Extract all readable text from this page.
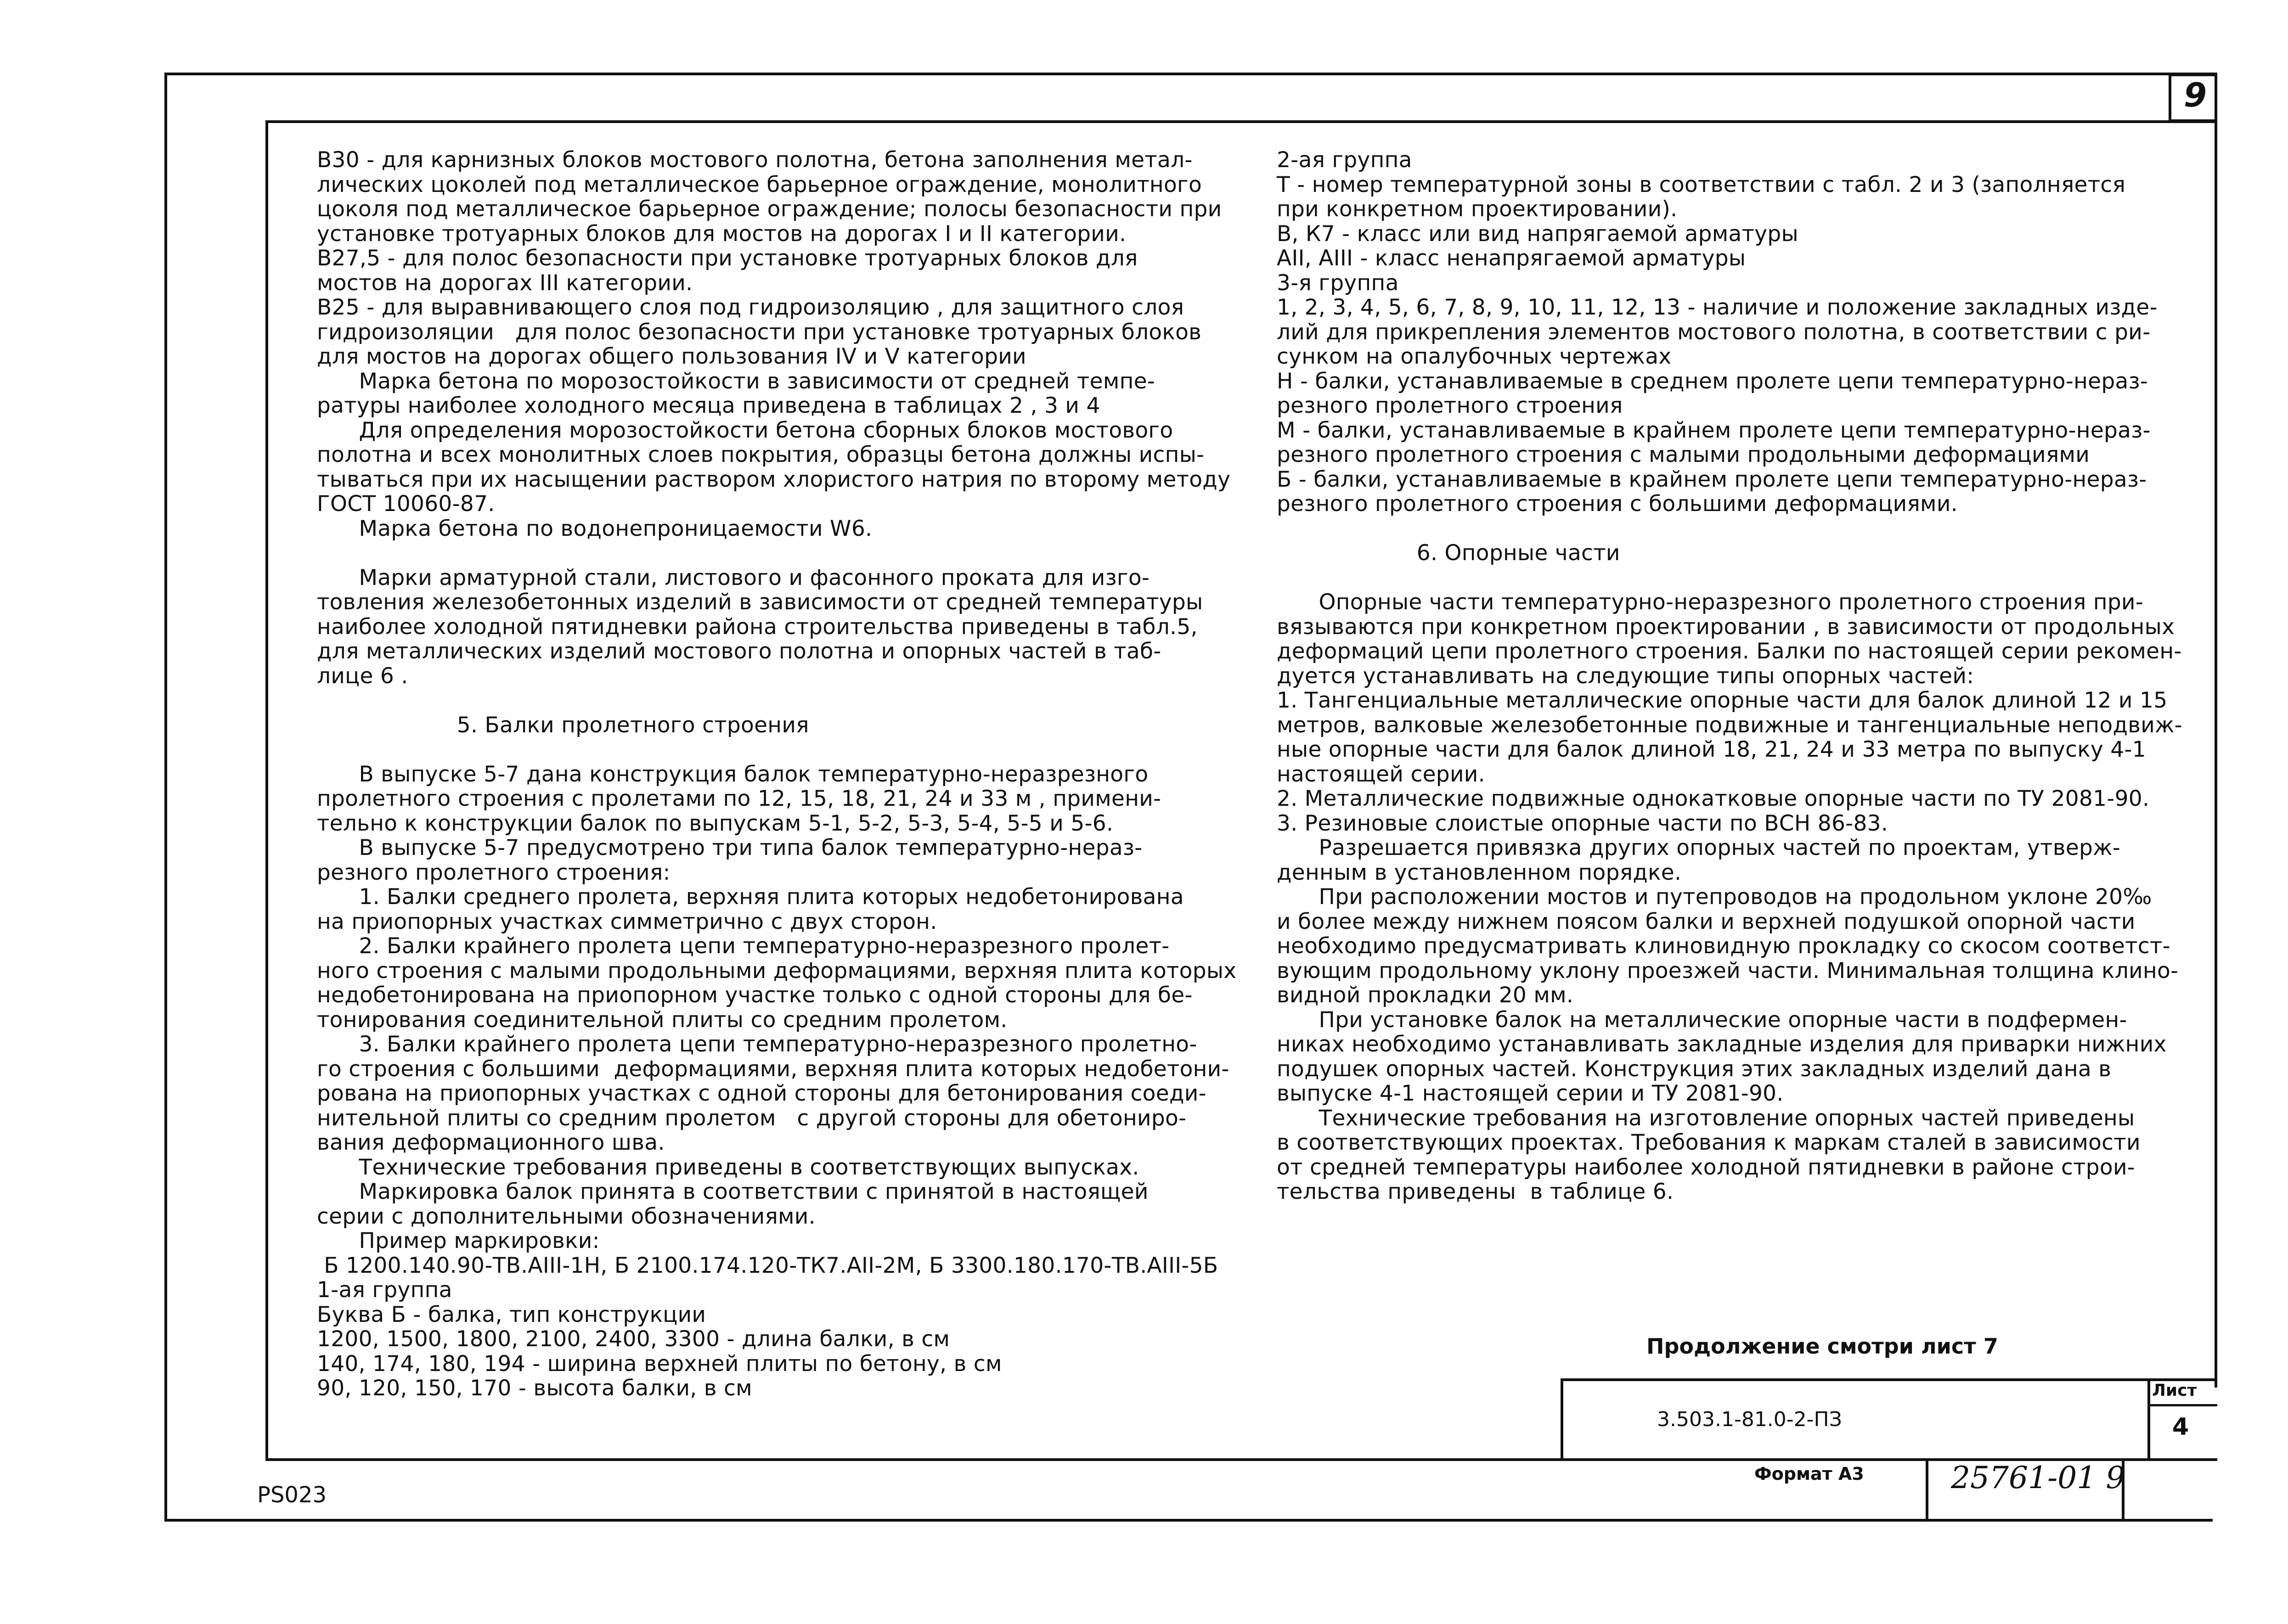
9
В30 - для карнизных блоков мостового полотна, бетона заполнения метал-
лических цоколей под металлическое барьерное ограждение, монолитного
цоколя под металлическое барьерное ограждение; полосы безопасности при
установке тротуарных блоков для мостов на дорогах I и II категории.
В27,5 - для полос безопасности при установке тротуарных блоков для
мостов на дорогах III категории.
В25 - для выравнивающего слоя под гидроизоляцию , для защитного слоя
гидроизоляции   для полос безопасности при установке тротуарных блоков
для мостов на дорогах общего пользования IV и V категории
Марка бетона по морозостойкости в зависимости от средней темпе-
ратуры наиболее холодного месяца приведена в таблицах 2 , 3 и 4
Для определения морозостойкости бетона сборных блоков мостового
полотна и всех монолитных слоев покрытия, образцы бетона должны испы-
тываться при их насыщении раствором хлористого натрия по второму методу
ГОСТ 10060-87.
Марка бетона по водонепроницаемости W6.
Марки арматурной стали, листового и фасонного проката для изго-
товления железобетонных изделий в зависимости от средней температуры
наиболее холодной пятидневки района строительства приведены в табл.5,
для металлических изделий мостового полотна и опорных частей в таб-
лице 6 .
5. Балки пролетного строения
В выпуске 5-7 дана конструкция балок температурно-неразрезного
пролетного строения с пролетами по 12, 15, 18, 21, 24 и 33 м , примени-
тельно к конструкции балок по выпускам 5-1, 5-2, 5-3, 5-4, 5-5 и 5-6.
В выпуске 5-7 предусмотрено три типа балок температурно-нераз-
резного пролетного строения:
1. Балки среднего пролета, верхняя плита которых недобетонирована
на приопорных участках симметрично с двух сторон.
2. Балки крайнего пролета цепи температурно-неразрезного пролет-
ного строения с малыми продольными деформациями, верхняя плита которых
недобетонирована на приопорном участке только с одной стороны для бе-
тонирования соединительной плиты со средним пролетом.
3. Балки крайнего пролета цепи температурно-неразрезного пролетно-
го строения с большими  деформациями, верхняя плита которых недобетони-
рована на приопорных участках с одной стороны для бетонирования соеди-
нительной плиты со средним пролетом   с другой стороны для обетониро-
вания деформационного шва.
Технические требования приведены в соответствующих выпусках.
Маркировка балок принята в соответствии с принятой в настоящей
серии с дополнительными обозначениями.
Пример маркировки:
Б 1200.140.90-ТВ.АIII-1Н, Б 2100.174.120-ТК7.АII-2М, Б 3300.180.170-ТВ.АIII-5Б
1-ая группа
Буква Б - балка, тип конструкции
1200, 1500, 1800, 2100, 2400, 3300 - длина балки, в см
140, 174, 180, 194 - ширина верхней плиты по бетону, в см
90, 120, 150, 170 - высота балки, в см
2-ая группа
Т - номер температурной зоны в соответствии с табл. 2 и 3 (заполняется
при конкретном проектировании).
В, К7 - класс или вид напрягаемой арматуры
АII, АIII - класс ненапрягаемой арматуры
3-я группа
1, 2, 3, 4, 5, 6, 7, 8, 9, 10, 11, 12, 13 - наличие и положение закладных изде-
лий для прикрепления элементов мостового полотна, в соответствии с ри-
сунком на опалубочных чертежах
Н - балки, устанавливаемые в среднем пролете цепи температурно-нераз-
резного пролетного строения
М - балки, устанавливаемые в крайнем пролете цепи температурно-нераз-
резного пролетного строения с малыми продольными деформациями
Б - балки, устанавливаемые в крайнем пролете цепи температурно-нераз-
резного пролетного строения с большими деформациями.
6. Опорные части
Опорные части температурно-неразрезного пролетного строения при-
вязываются при конкретном проектировании , в зависимости от продольных
деформаций цепи пролетного строения. Балки по настоящей серии рекомен-
дуется устанавливать на следующие типы опорных частей:
1. Тангенциальные металлические опорные части для балок длиной 12 и 15
метров, валковые железобетонные подвижные и тангенциальные неподвиж-
ные опорные части для балок длиной 18, 21, 24 и 33 метра по выпуску 4-1
настоящей серии.
2. Металлические подвижные однокатковые опорные части по ТУ 2081-90.
3. Резиновые слоистые опорные части по ВСН 86-83.
Разрешается привязка других опорных частей по проектам, утверж-
денным в установленном порядке.
При расположении мостов и путепроводов на продольном уклоне 20‰
и более между нижнем поясом балки и верхней подушкой опорной части
необходимо предусматривать клиновидную прокладку со скосом соответст-
вующим продольному уклону проезжей части. Минимальная толщина клино-
видной прокладки 20 мм.
При установке балок на металлические опорные части в подфермен-
никах необходимо устанавливать закладные изделия для приварки нижних
подушек опорных частей. Конструкция этих закладных изделий дана в
выпуске 4-1 настоящей серии и ТУ 2081-90.
Технические требования на изготовление опорных частей приведены
в соответствующих проектах. Требования к маркам сталей в зависимости
от средней температуры наиболее холодной пятидневки в районе строи-
тельства приведены  в таблице 6.
Продолжение смотри лист 7
3.503.1-81.0-2-ПЗ
Лист
4
Формат А3	25761-01 9
PS023
